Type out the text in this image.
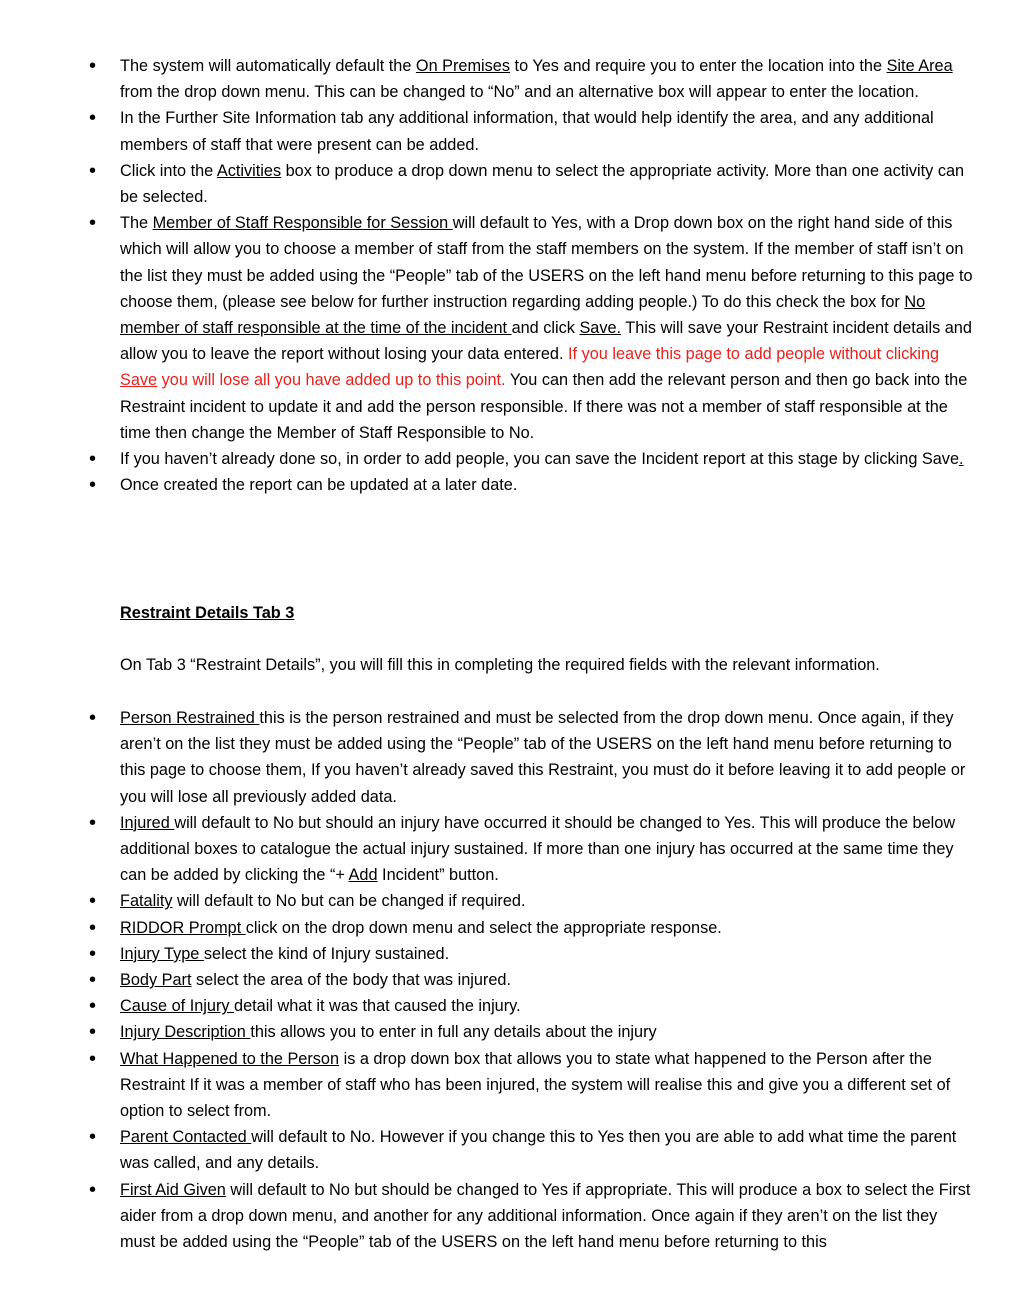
• The system will automatically default the On Premises to Yes and require you to enter the location into the Site Area from the drop down menu. This can be changed to “No” and an alternative box will appear to enter the location.
• In the Further Site Information tab any additional information, that would help identify the area, and any additional members of staff that were present can be added.
• Click into the Activities box to produce a drop down menu to select the appropriate activity. More than one activity can be selected.
• The Member of Staff Responsible for Session will default to Yes, with a Drop down box on the right hand side of this which will allow you to choose a member of staff from the staff members on the system. If the member of staff isn’t on the list they must be added using the “People” tab of the USERS on the left hand menu before returning to this page to choose them, (please see below for further instruction regarding adding people.) To do this check the box for No member of staff responsible at the time of the incident and click Save. This will save your Restraint incident details and allow you to leave the report without losing your data entered. If you leave this page to add people without clicking Save you will lose all you have added up to this point. You can then add the relevant person and then go back into the Restraint incident to update it and add the person responsible. If there was not a member of staff responsible at the time then change the Member of Staff Responsible to No.
• If you haven’t already done so, in order to add people, you can save the Incident report at this stage by clicking Save.
• Once created the report can be updated at a later date.

Restraint Details Tab 3

On Tab 3 “Restraint Details”, you will fill this in completing the required fields with the relevant information.

• Person Restrained this is the person restrained and must be selected from the drop down menu. Once again, if they aren’t on the list they must be added using the “People” tab of the USERS on the left hand menu before returning to this page to choose them, If you haven’t already saved this Restraint, you must do it before leaving it to add people or you will lose all previously added data.
• Injured will default to No but should an injury have occurred it should be changed to Yes. This will produce the below additional boxes to catalogue the actual injury sustained. If more than one injury has occurred at the same time they can be added by clicking the “+ Add Incident” button.
• Fatality will default to No but can be changed if required.
• RIDDOR Prompt click on the drop down menu and select the appropriate response.
• Injury Type select the kind of Injury sustained.
• Body Part select the area of the body that was injured.
• Cause of Injury detail what it was that caused the injury.
• Injury Description this allows you to enter in full any details about the injury
• What Happened to the Person is a drop down box that allows you to state what happened to the Person after the Restraint If it was a member of staff who has been injured, the system will realise this and give you a different set of option to select from.
• Parent Contacted will default to No. However if you change this to Yes then you are able to add what time the parent was called, and any details.
• First Aid Given will default to No but should be changed to Yes if appropriate. This will produce a box to select the First aider from a drop down menu, and another for any additional information. Once again if they aren’t on the list they must be added using the “People” tab of the USERS on the left hand menu before returning to this
